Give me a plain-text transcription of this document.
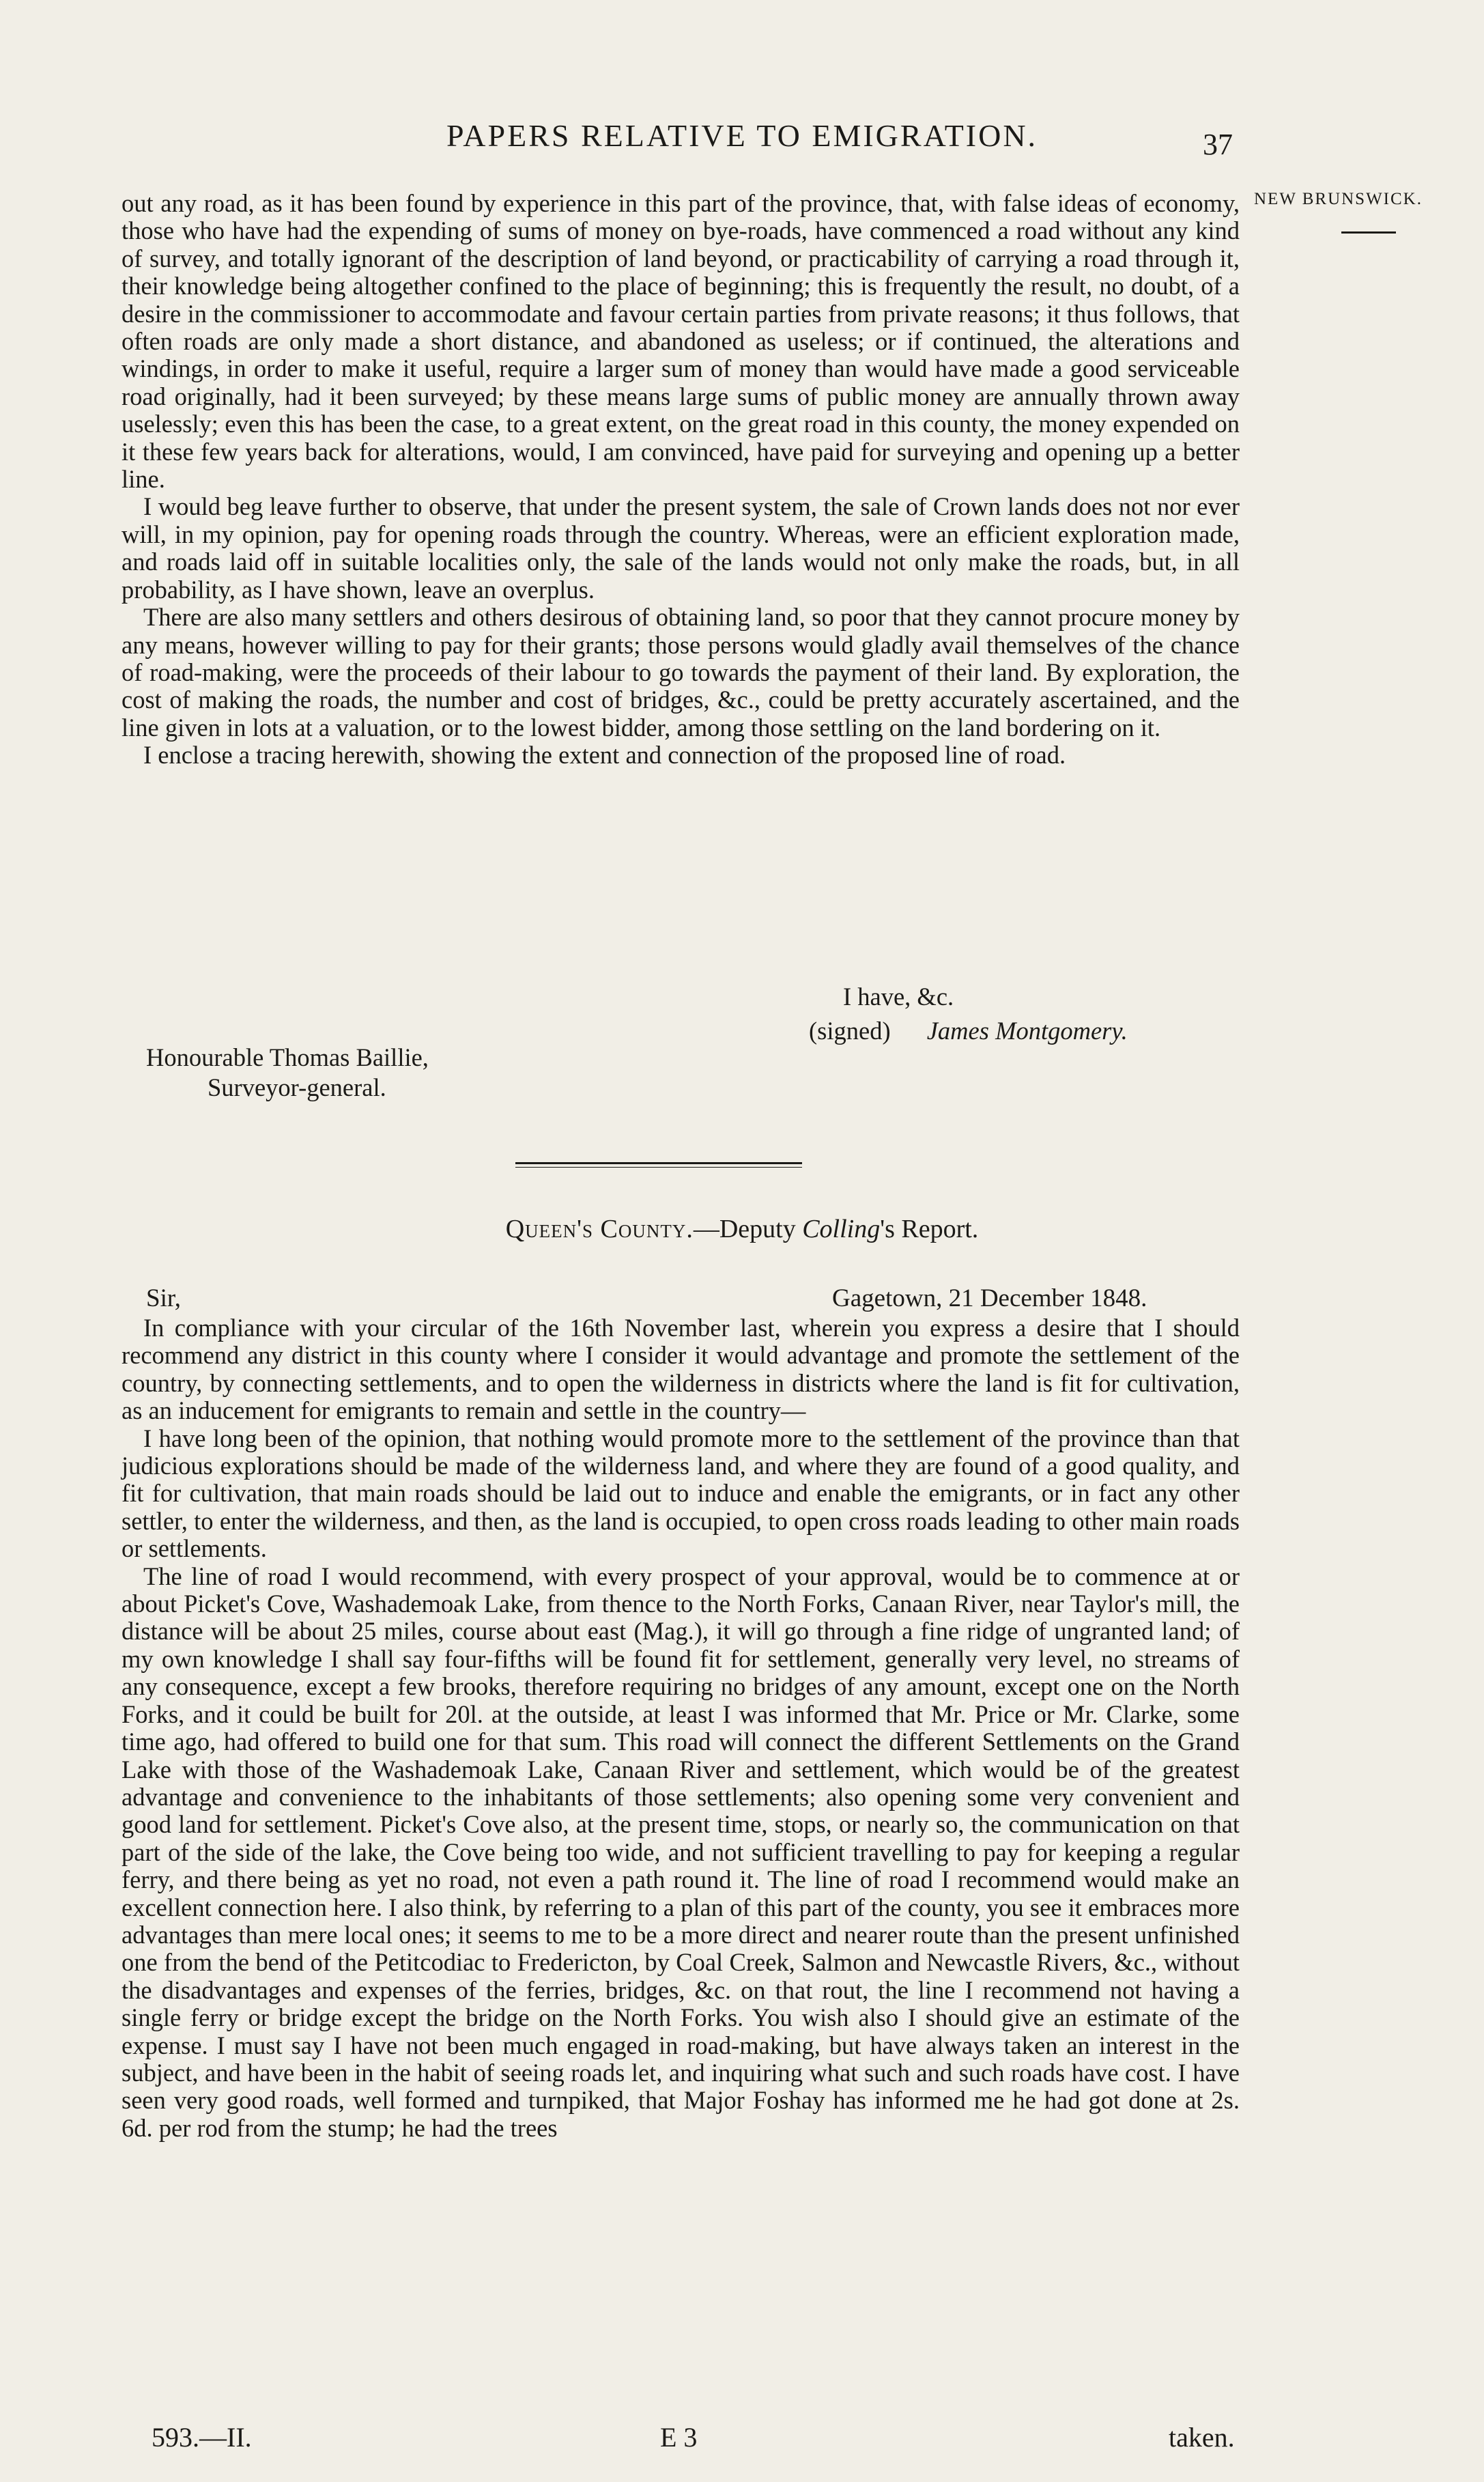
PAPERS RELATIVE TO EMIGRATION.	37
NEW BRUNSWICK.

out any road, as it has been found by experience in this part of the province, that, with false ideas of economy, those who have had the expending of sums of money on bye-roads, have commenced a road without any kind of survey, and totally ignorant of the description of land beyond, or practicability of carrying a road through it, their knowledge being altogether confined to the place of beginning; this is frequently the result, no doubt, of a desire in the commissioner to accommodate and favour certain parties from private reasons; it thus follows, that often roads are only made a short distance, and abandoned as useless; or if continued, the alterations and windings, in order to make it useful, require a larger sum of money than would have made a good serviceable road originally, had it been surveyed; by these means large sums of public money are annually thrown away uselessly; even this has been the case, to a great extent, on the great road in this county, the money expended on it these few years back for alterations, would, I am convinced, have paid for surveying and opening up a better line.

I would beg leave further to observe, that under the present system, the sale of Crown lands does not nor ever will, in my opinion, pay for opening roads through the country. Whereas, were an efficient exploration made, and roads laid off in suitable localities only, the sale of the lands would not only make the roads, but, in all probability, as I have shown, leave an overplus.

There are also many settlers and others desirous of obtaining land, so poor that they cannot procure money by any means, however willing to pay for their grants; those persons would gladly avail themselves of the chance of road-making, were the proceeds of their labour to go towards the payment of their land. By exploration, the cost of making the roads, the number and cost of bridges, &c., could be pretty accurately ascertained, and the line given in lots at a valuation, or to the lowest bidder, among those settling on the land bordering on it.

I enclose a tracing herewith, showing the extent and connection of the proposed line of road.

I have, &c.
(signed) James Montgomery.
Honourable Thomas Baillie,
Surveyor-general.
Queen's County.—Deputy Colling's Report.
Sir,	Gagetown, 21 December 1848.

In compliance with your circular of the 16th November last, wherein you express a desire that I should recommend any district in this county where I consider it would advantage and promote the settlement of the country, by connecting settlements, and to open the wilderness in districts where the land is fit for cultivation, as an inducement for emigrants to remain and settle in the country—

I have long been of the opinion, that nothing would promote more to the settlement of the province than that judicious explorations should be made of the wilderness land, and where they are found of a good quality, and fit for cultivation, that main roads should be laid out to induce and enable the emigrants, or in fact any other settler, to enter the wilderness, and then, as the land is occupied, to open cross roads leading to other main roads or settlements.

The line of road I would recommend, with every prospect of your approval, would be to commence at or about Picket's Cove, Washademoak Lake, from thence to the North Forks, Canaan River, near Taylor's mill, the distance will be about 25 miles, course about east (Mag.), it will go through a fine ridge of ungranted land; of my own knowledge I shall say four-fifths will be found fit for settlement, generally very level, no streams of any consequence, except a few brooks, therefore requiring no bridges of any amount, except one on the North Forks, and it could be built for 20l. at the outside, at least I was informed that Mr. Price or Mr. Clarke, some time ago, had offered to build one for that sum. This road will connect the different Settlements on the Grand Lake with those of the Washademoak Lake, Canaan River and settlement, which would be of the greatest advantage and convenience to the inhabitants of those settlements; also opening some very convenient and good land for settlement. Picket's Cove also, at the present time, stops, or nearly so, the communication on that part of the side of the lake, the Cove being too wide, and not sufficient travelling to pay for keeping a regular ferry, and there being as yet no road, not even a path round it. The line of road I recommend would make an excellent connection here. I also think, by referring to a plan of this part of the county, you see it embraces more advantages than mere local ones; it seems to me to be a more direct and nearer route than the present unfinished one from the bend of the Petitcodiac to Fredericton, by Coal Creek, Salmon and Newcastle Rivers, &c., without the disadvantages and expenses of the ferries, bridges, &c. on that rout, the line I recommend not having a single ferry or bridge except the bridge on the North Forks. You wish also I should give an estimate of the expense. I must say I have not been much engaged in road-making, but have always taken an interest in the subject, and have been in the habit of seeing roads let, and inquiring what such and such roads have cost. I have seen very good roads, well formed and turnpiked, that Major Foshay has informed me he had got done at 2s. 6d. per rod from the stump; he had the trees

593.—II.	E 3	taken.
